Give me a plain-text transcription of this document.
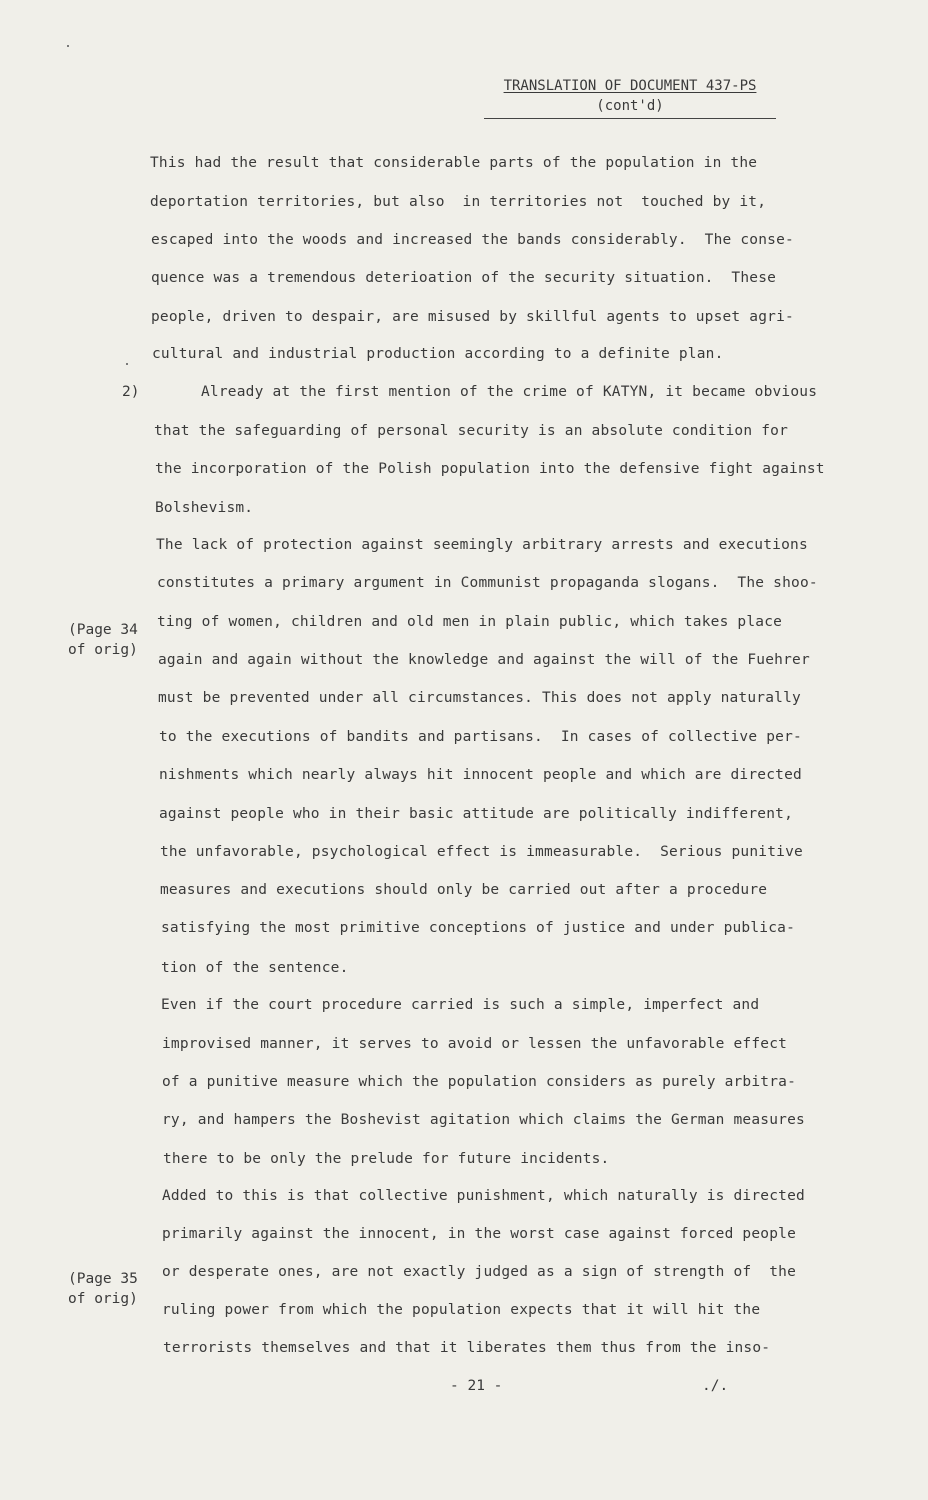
TRANSLATION OF DOCUMENT 437-PS
(cont'd)
2)
(Page 34
of orig)
(Page 35
of orig)
This had the result that considerable parts of the population in the
deportation territories, but also  in territories not  touched by it,
escaped into the woods and increased the bands considerably.  The conse-
quence was a tremendous deterioation of the security situation.  These
people, driven to despair, are misused by skillful agents to upset agri-
cultural and industrial production according to a definite plan.
Already at the first mention of the crime of KATYN, it became obvious
that the safeguarding of personal security is an absolute condition for
the incorporation of the Polish population into the defensive fight against
Bolshevism.
The lack of protection against seemingly arbitrary arrests and executions
constitutes a primary argument in Communist propaganda slogans.  The shoo-
ting of women, children and old men in plain public, which takes place
again and again without the knowledge and against the will of the Fuehrer
must be prevented under all circumstances. This does not apply naturally
to the executions of bandits and partisans.  In cases of collective per-
nishments which nearly always hit innocent people and which are directed
against people who in their basic attitude are politically indifferent,
the unfavorable, psychological effect is immeasurable.  Serious punitive
measures and executions should only be carried out after a procedure
satisfying the most primitive conceptions of justice and under publica-
tion of the sentence.
Even if the court procedure carried is such a simple, imperfect and
improvised manner, it serves to avoid or lessen the unfavorable effect
of a punitive measure which the population considers as purely arbitra-
ry, and hampers the Boshevist agitation which claims the German measures
there to be only the prelude for future incidents.
Added to this is that collective punishment, which naturally is directed
primarily against the innocent, in the worst case against forced people
or desperate ones, are not exactly judged as a sign of strength of  the
ruling power from which the population expects that it will hit the
terrorists themselves and that it liberates them thus from the inso-
- 21 -	./.
